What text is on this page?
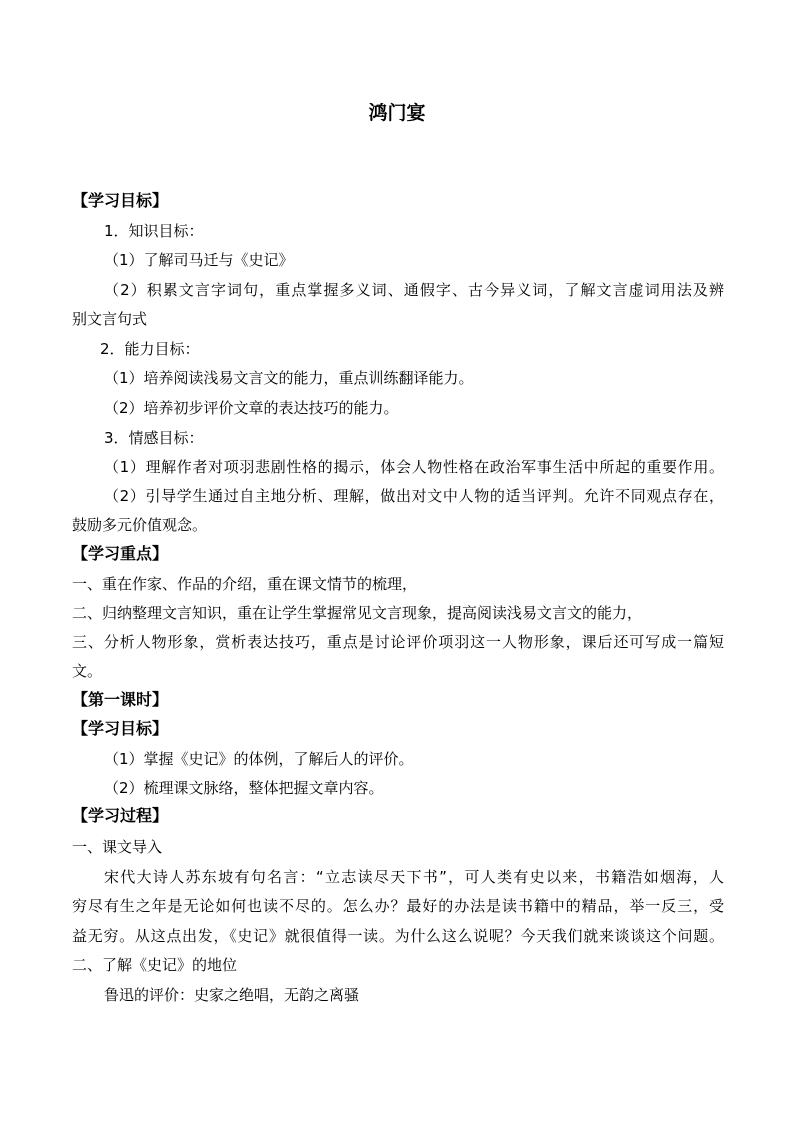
鸿门宴
【学习目标】
1．知识目标：
（1）了解司马迁与《史记》
（2）积累文言字词句，重点掌握多义词、通假字、古今异义词，了解文言虚词用法及辨
别文言句式
2．能力目标：
（1）培养阅读浅易文言文的能力，重点训练翻译能力。
（2）培养初步评价文章的表达技巧的能力。
3．情感目标：
（1）理解作者对项羽悲剧性格的揭示，体会人物性格在政治军事生活中所起的重要作用。
（2）引导学生通过自主地分析、理解，做出对文中人物的适当评判。允许不同观点存在，
鼓励多元价值观念。
【学习重点】
一、重在作家、作品的介绍，重在课文情节的梳理，
二、归纳整理文言知识，重在让学生掌握常见文言现象，提高阅读浅易文言文的能力，
三、分析人物形象，赏析表达技巧，重点是讨论评价项羽这一人物形象，课后还可写成一篇短
文。
【第一课时】
【学习目标】
（1）掌握《史记》的体例，了解后人的评价。
（2）梳理课文脉络，整体把握文章内容。
【学习过程】
一、课文导入
宋代大诗人苏东坡有句名言：“立志读尽天下书”，可人类有史以来，书籍浩如烟海，人
穷尽有生之年是无论如何也读不尽的。怎么办？最好的办法是读书籍中的精品，举一反三，受
益无穷。从这点出发，《史记》就很值得一读。为什么这么说呢？今天我们就来谈谈这个问题。
二、了解《史记》的地位
鲁迅的评价：史家之绝唱，无韵之离骚
